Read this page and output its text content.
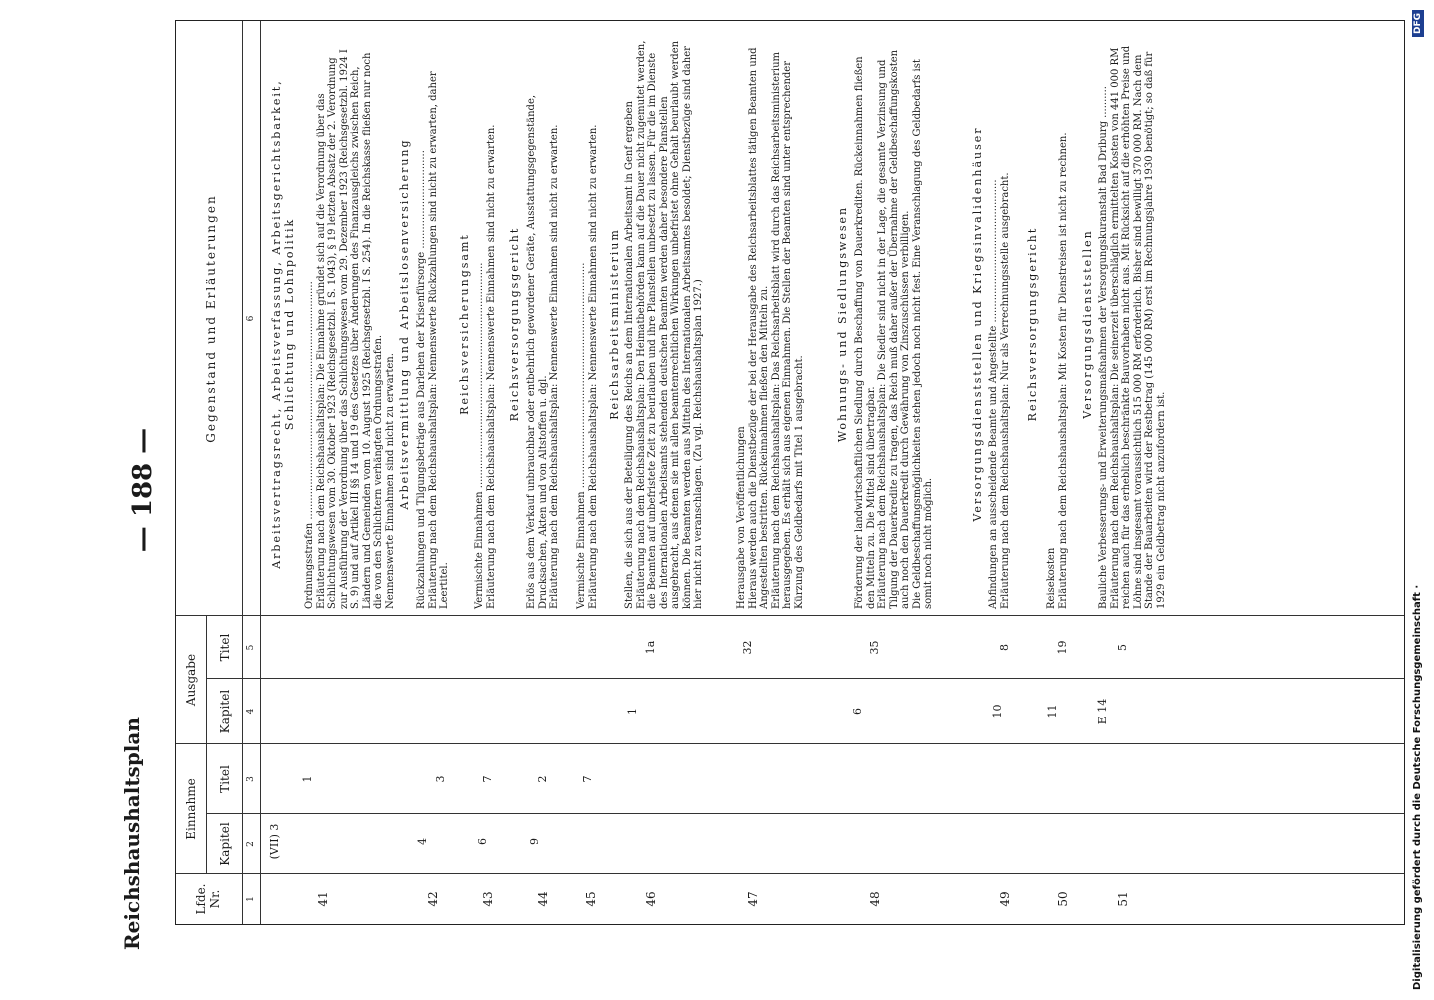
Reichshaushaltsplan
— 188 —
Lfde. Nr.
Einnahme
Ausgabe
Kapitel
Titel
Kapitel
Titel
Gegenstand und Erläuterungen
1
2
3
4
5
6 Arbeitsvertragsrecht, Arbeitsverfassung, Arbeitsgerichtsbarkeit, Schlichtung und Lohnpolitik
41
(VII) 3
1
Ordnungsstrafen ...........................................................................
Erläuterung nach dem Reichshaushaltsplan: Die Einnahme gründet sich auf die Verordnung über das Schlichtungswesen vom 30. Oktober 1923 (Reichsgesetzbl. I S. 1043), § 19 letzten Absatz der 2. Verordnung zur Ausführung der Verordnung über das Schlichtungswesen vom 29. Dezember 1923 (Reichsgesetzbl. 1924 I S. 9) und auf Artikel III §§ 14 und 19 des Gesetzes über Änderungen des Finanzausgleichs zwischen Reich, Ländern und Gemeinden vom 10. August 1925 (Reichsgesetzbl. I S. 254). In die Reichskasse fließen nur noch die von den Schlichtern verhängten Ordnungsstrafen.
Nennenswerte Einnahmen sind nicht zu erwarten. Arbeitsvermittlung und Arbeitslosenversicherung
42
4
3
Rückzahlungen und Tilgungsbeträge aus Darlehen der Krisenfürsorge ...............................
Erläuterung nach dem Reichshaushaltsplan: Nennenswerte Rückzahlungen sind nicht zu erwarten, daher Leertitel.
Reichsversicherungsamt
43
6
7
Vermischte Einnahmen .......................................................................
Erläuterung nach dem Reichshaushaltsplan: Nennenswerte Einnahmen sind nicht zu erwarten.
Reichsversorgungsgericht
44
9
2
Erlös aus dem Verkauf unbrauchbar oder entbehrlich gewordener Geräte, Ausstattungsgegenstände, Drucksachen, Akten und von Altstoffen u. dgl.
Erläuterung nach dem Reichshaushaltsplan: Nennenswerte Einnahmen sind nicht zu erwarten.
45
7
Vermischte Einnahmen .......................................................................
Erläuterung nach dem Reichshaushaltsplan: Nennenswerte Einnahmen sind nicht zu erwarten.
Reichsarbeitsministerium
46
1
1a
Stellen, die sich aus der Beteiligung des Reichs an dem Internationalen Arbeitsamt in Genf ergeben
Erläuterung nach dem Reichshaushaltsplan: Den Heimatbehörden kann auf die Dauer nicht zugemutet werden, die Beamten auf unbefristete Zeit zu beurlauben und ihre Planstellen unbesetzt zu lassen. Für die im Dienste des Internationalen Arbeitsamts stehenden deutschen Beamten werden daher besondere Planstellen ausgebracht, aus denen sie mit allen beamtenrechtlichen Wirkungen unbefristet ohne Gehalt beurlaubt werden können. Die Beamten werden aus Mitteln des Internationalen Arbeitsamtes besoldet; Dienstbezüge sind daher hier nicht zu veranschlagen. (Zu vgl. Reichshaushaltsplan 1927.)
47
32
Herausgabe von Veröffentlichungen
Hieraus werden auch die Dienstbezüge der bei der Herausgabe des Reichsarbeitsblattes tätigen Beamten und Angestellten bestritten. Rückeinnahmen fließen den Mitteln zu.
Erläuterung nach dem Reichshaushaltsplan: Das Reichsarbeitsblatt wird durch das Reichsarbeitsministerium herausgegeben. Es erhält sich aus eigenen Einnahmen. Die Stellen der Beamten sind unter entsprechender Kürzung des Geldbedarfs mit Titel 1 ausgebracht.	Wohnungs- und Siedlungswesen
48
6
35
Förderung der landwirtschaftlichen Siedlung durch Beschaffung von Dauerkrediten. Rückeinnahmen fließen den Mitteln zu. Die Mittel sind übertragbar.
Erläuterung nach dem Reichshaushaltsplan: Die Siedler sind nicht in der Lage, die gesamte Verzinsung und Tilgung der Dauerkredite zu tragen, das Reich muß daher außer der Übernahme der Geldbeschaffungskosten auch noch den Dauerkredit durch Gewährung von Zinszuschüssen verbilligen.
Die Geldbeschaffungsmöglichkeiten stehen jedoch noch nicht fest. Eine Veranschlagung des Geldbedarfs ist somit noch nicht möglich.	Versorgungsdienststellen und Kriegsinvalidenhäuser
49
10
8
Abfindungen an ausscheidende Beamte und Angestellte .............................................
Erläuterung nach dem Reichshaushaltsplan: Nur als Verrechnungsstelle ausgebracht.
Reichsversorgungsgericht
50
11
19
Reisekosten
Erläuterung nach dem Reichshaushaltsplan: Mit Kosten für Dienstreisen ist nicht zu rechnen.
Versorgungsdienststellen
51
E 14
5
Bauliche Verbesserungs- und Erweiterungsmaßnahmen der Versorgungskuranstalt Bad Driburg ..........
Erläuterung nach dem Reichshaushaltsplan: Die seinerzeit überschläglich ermittelten Kosten von 441 000 RM reichen auch für das erheblich beschränkte Bauvorhaben nicht aus. Mit Rücksicht auf die erhöhten Preise und Löhne sind insgesamt voraussichtlich 515 000 RM erforderlich. Bisher sind bewilligt 370 000 RM. Nach dem Stande der Bauarbeiten wird der Restbetrag (145 000 RM) erst im Rechnungsjahre 1930 benötigt; so daß für 1929 ein Geldbetrag nicht anzufordern ist.
Digitalisierung gefördert durch die Deutsche Forschungsgemeinschaft ·
DFG
